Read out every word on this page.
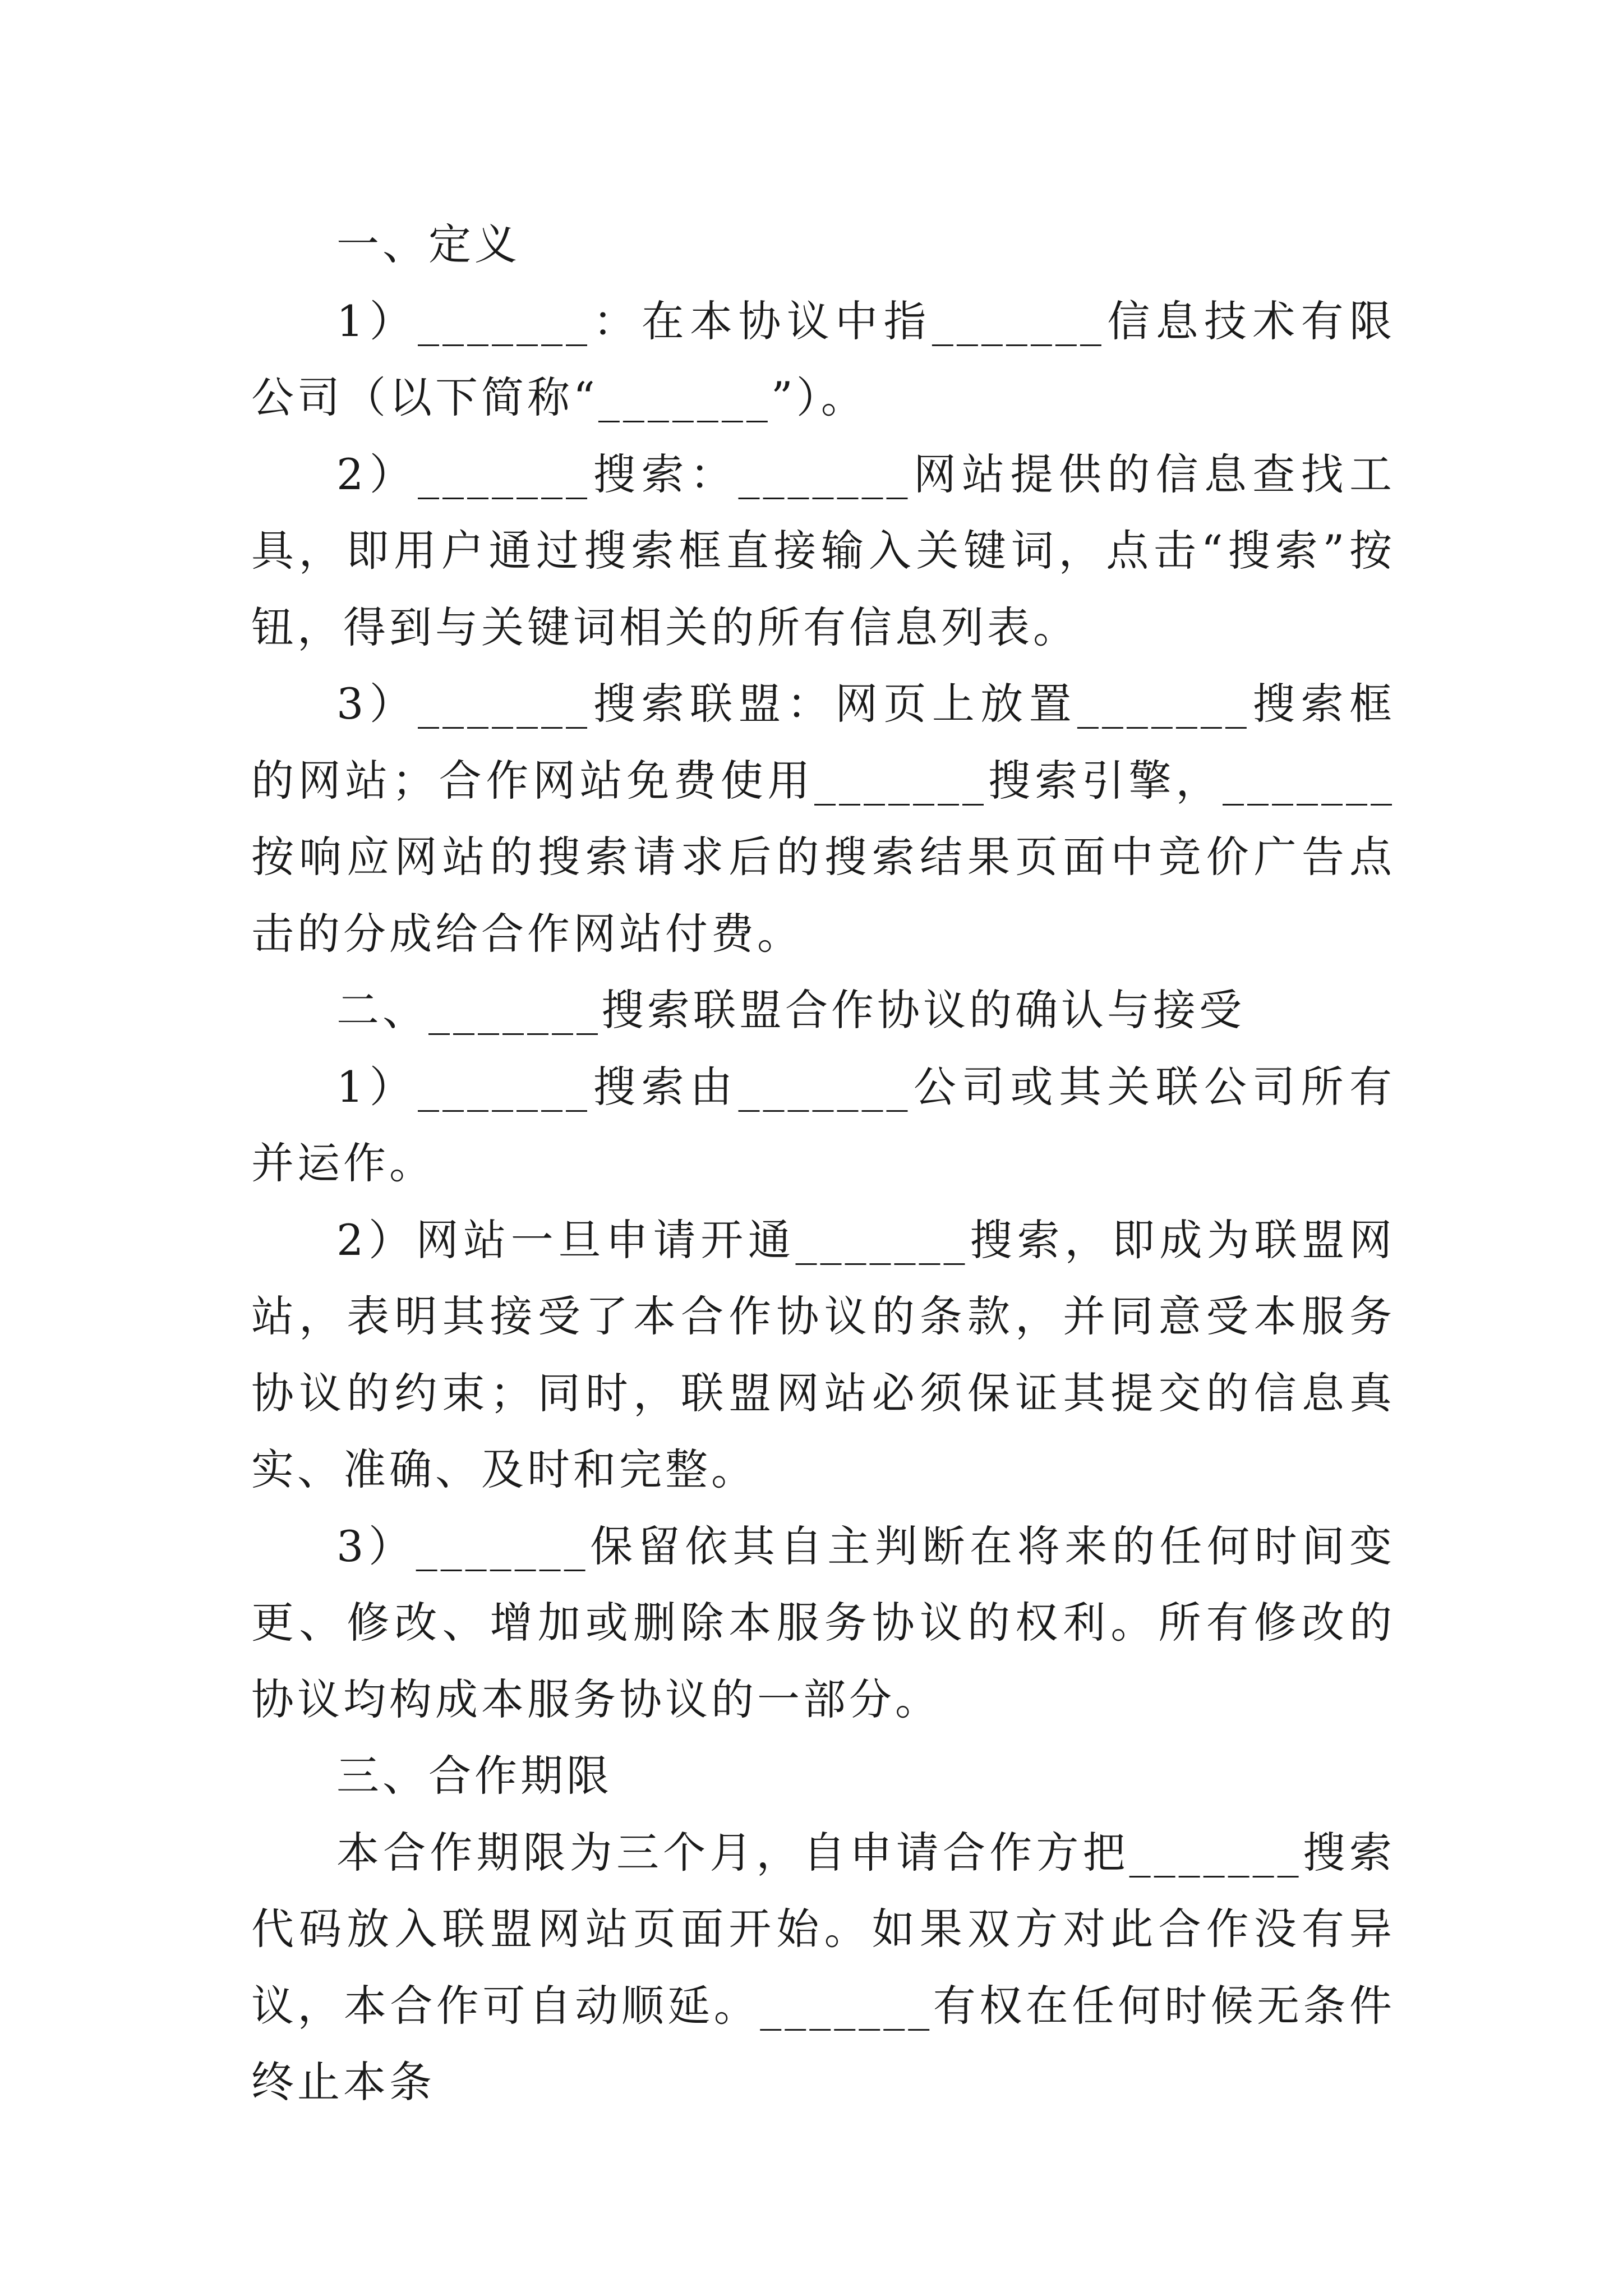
一、定义

1）_______：在本协议中指_______信息技术有限公司（以下简称“_______”）。

2）_______搜索：_______网站提供的信息查找工具，即用户通过搜索框直接输入关键词，点击“搜索”按钮，得到与关键词相关的所有信息列表。

3）_______搜索联盟：网页上放置_______搜索框的网站；合作网站免费使用_______搜索引擎，_______按响应网站的搜索请求后的搜索结果页面中竞价广告点击的分成给合作网站付费。

二、_______搜索联盟合作协议的确认与接受

1）_______搜索由_______公司或其关联公司所有并运作。

2）网站一旦申请开通_______搜索，即成为联盟网站，表明其接受了本合作协议的条款，并同意受本服务协议的约束；同时，联盟网站必须保证其提交的信息真实、准确、及时和完整。

3）_______保留依其自主判断在将来的任何时间变更、修改、增加或删除本服务协议的权利。所有修改的协议均构成本服务协议的一部分。

三、合作期限

本合作期限为三个月，自申请合作方把_______搜索代码放入联盟网站页面开始。如果双方对此合作没有异议，本合作可自动顺延。_______有权在任何时候无条件终止本条
